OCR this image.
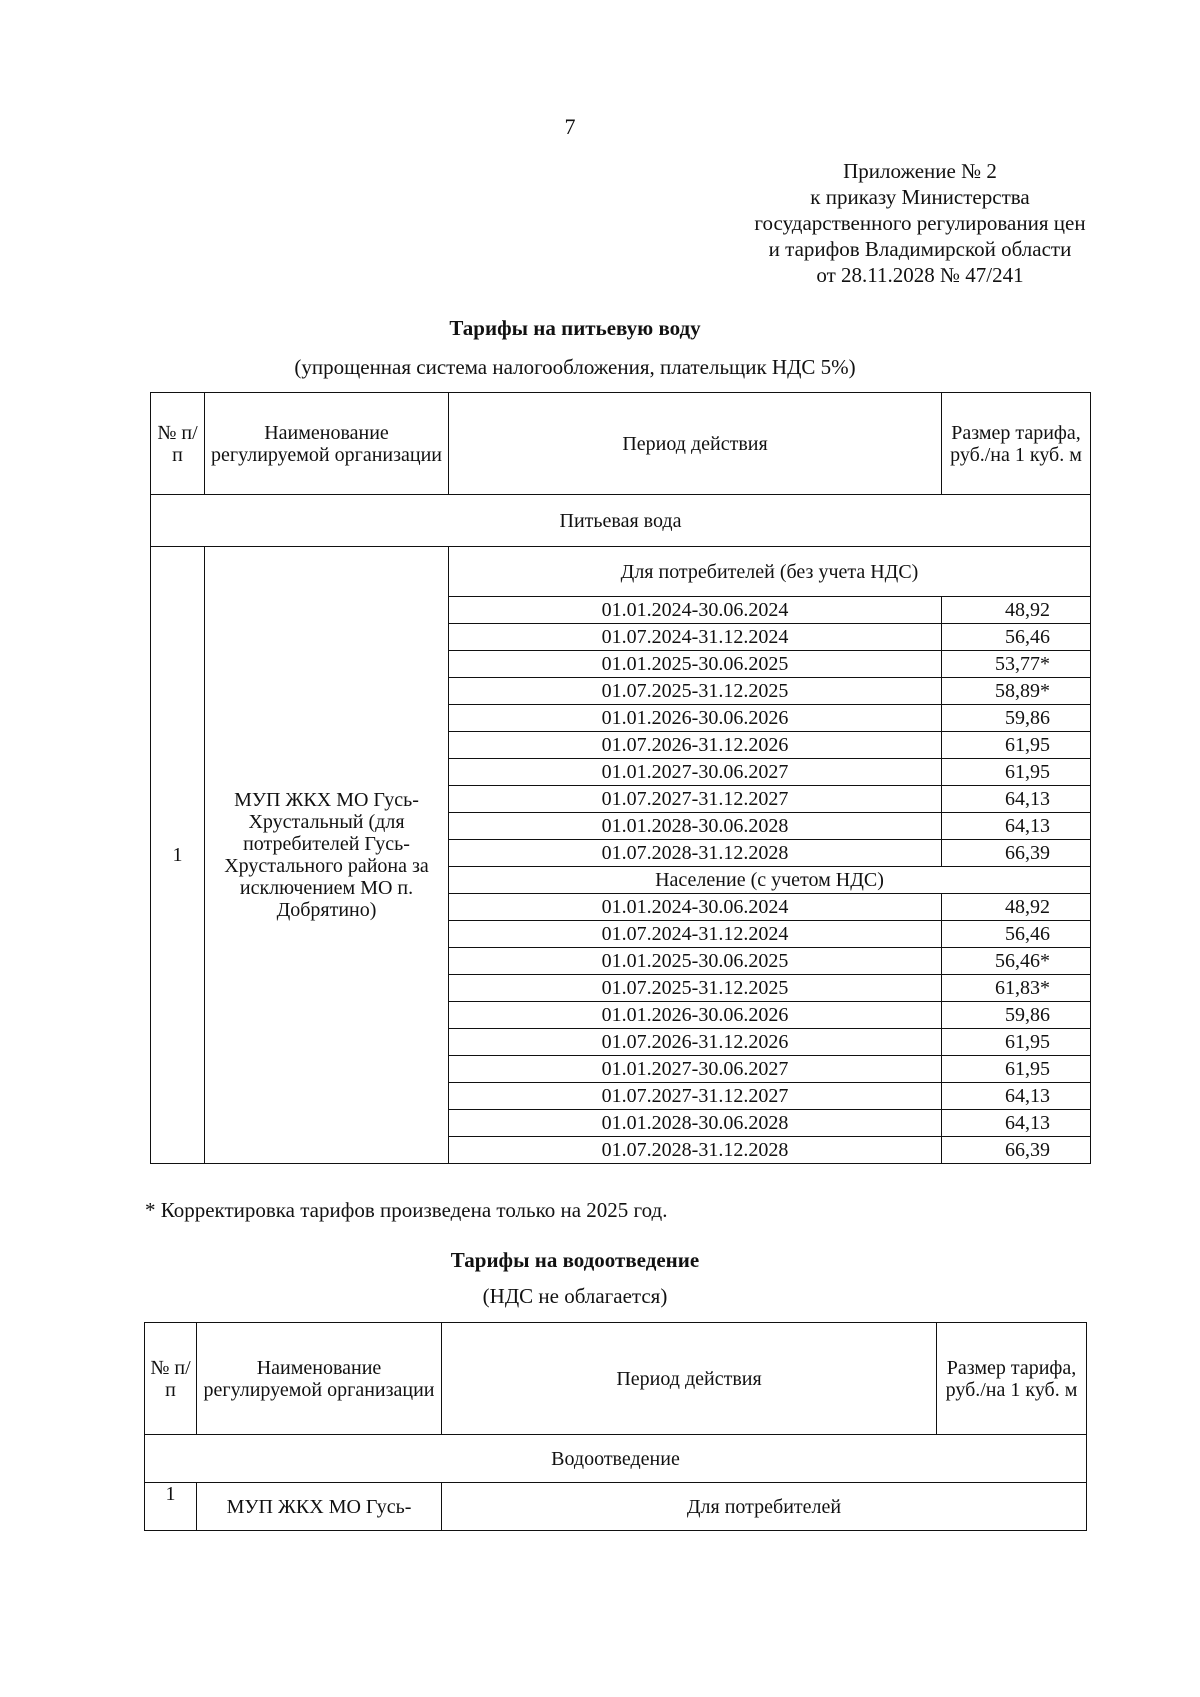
7
Приложение № 2
к приказу Министерства
государственного регулирования цен
и тарифов Владимирской области
от 28.11.2028 № 47/241
Тарифы на питьевую воду
(упрощенная система налогообложения, плательщик НДС 5%)
№ п/п	Наименование регулируемой организации	Период действия	Размер тарифа, руб./на 1 куб. м
Питьевая вода			
1	МУП ЖКХ МО Гусь-Хрустальный (для потребителей Гусь-Хрустального района за исключением МО п. Добрятино)	Для потребителей (без учета НДС)	
		01.01.2024-30.06.2024	48,92
		01.07.2024-31.12.2024	56,46
		01.01.2025-30.06.2025	53,77*
		01.07.2025-31.12.2025	58,89*
		01.01.2026-30.06.2026	59,86
		01.07.2026-31.12.2026	61,95
		01.01.2027-30.06.2027	61,95
		01.07.2027-31.12.2027	64,13
		01.01.2028-30.06.2028	64,13
		01.07.2028-31.12.2028	66,39
		Население (с учетом НДС)	
		01.01.2024-30.06.2024	48,92
		01.07.2024-31.12.2024	56,46
		01.01.2025-30.06.2025	56,46*
		01.07.2025-31.12.2025	61,83*
		01.01.2026-30.06.2026	59,86
		01.07.2026-31.12.2026	61,95
		01.01.2027-30.06.2027	61,95
		01.07.2027-31.12.2027	64,13
		01.01.2028-30.06.2028	64,13
		01.07.2028-31.12.2028	66,39
* Корректировка тарифов произведена только на 2025 год.
Тарифы на водоотведение
(НДС не облагается)
№ п/п	Наименование регулируемой организации	Период действия	Размер тарифа, руб./на 1 куб. м
Водоотведение			
1	МУП ЖКХ МО Гусь-	Для потребителей	
